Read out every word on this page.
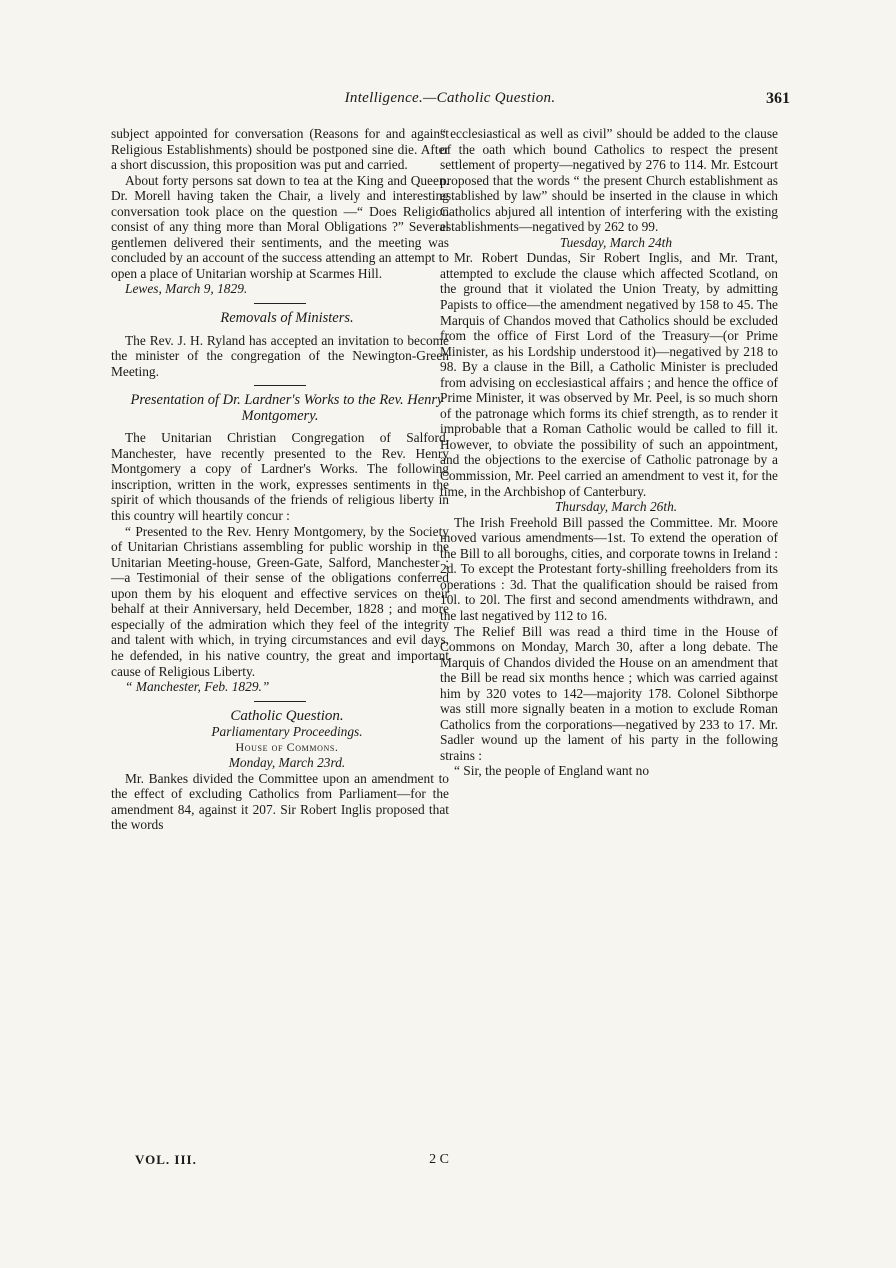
Intelligence.—Catholic Question.	361

subject appointed for conversation (Reasons for and against Religious Establishments) should be postponed sine die. After a short discussion, this proposition was put and carried.

About forty persons sat down to tea at the King and Queen. Dr. Morell having taken the Chair, a lively and interesting conversation took place on the question —“ Does Religion consist of any thing more than Moral Obligations ?” Several gentlemen delivered their sentiments, and the meeting was concluded by an account of the success attending an attempt to open a place of Unitarian worship at Scarmes Hill.

Lewes, March 9, 1829.

Removals of Ministers.

The Rev. J. H. Ryland has accepted an invitation to become the minister of the congregation of the Newington-Green Meeting.

Presentation of Dr. Lardner's Works to the Rev. Henry Montgomery.

The Unitarian Christian Congregation of Salford, Manchester, have recently presented to the Rev. Henry Montgomery a copy of Lardner's Works. The following inscription, written in the work, expresses sentiments in the spirit of which thousands of the friends of religious liberty in this country will heartily concur :

“ Presented to the Rev. Henry Montgomery, by the Society of Unitarian Christians assembling for public worship in the Unitarian Meeting-house, Green-Gate, Salford, Manchester ;—a Testimonial of their sense of the obligations conferred upon them by his eloquent and effective services on their behalf at their Anniversary, held December, 1828 ; and more especially of the admiration which they feel of the integrity and talent with which, in trying circumstances and evil days, he defended, in his native country, the great and important cause of Religious Liberty.

“ Manchester, Feb. 1829.”

Catholic Question.

Parliamentary Proceedings.

House of Commons.

Monday, March 23rd.

Mr. Bankes divided the Committee upon an amendment to the effect of excluding Catholics from Parliament—for the amendment 84, against it 207. Sir Robert Inglis proposed that the words

“ ecclesiastical as well as civil” should be added to the clause of the oath which bound Catholics to respect the present settlement of property—negatived by 276 to 114. Mr. Estcourt proposed that the words “ the present Church establishment as established by law” should be inserted in the clause in which Catholics abjured all intention of interfering with the existing establishments—negatived by 262 to 99.

Tuesday, March 24th

Mr. Robert Dundas, Sir Robert Inglis, and Mr. Trant, attempted to exclude the clause which affected Scotland, on the ground that it violated the Union Treaty, by admitting Papists to office—the amendment negatived by 158 to 45. The Marquis of Chandos moved that Catholics should be excluded from the office of First Lord of the Treasury—(or Prime Minister, as his Lordship understood it)—negatived by 218 to 98. By a clause in the Bill, a Catholic Minister is precluded from advising on ecclesiastical affairs ; and hence the office of Prime Minister, it was observed by Mr. Peel, is so much shorn of the patronage which forms its chief strength, as to render it improbable that a Roman Catholic would be called to fill it. However, to obviate the possibility of such an appointment, and the objections to the exercise of Catholic patronage by a Commission, Mr. Peel carried an amendment to vest it, for the time, in the Archbishop of Canterbury.

Thursday, March 26th.

The Irish Freehold Bill passed the Committee. Mr. Moore moved various amendments—1st. To extend the operation of the Bill to all boroughs, cities, and corporate towns in Ireland : 2d. To except the Protestant forty-shilling freeholders from its operations : 3d. That the qualification should be raised from 10l. to 20l. The first and second amendments withdrawn, and the last negatived by 112 to 16.

The Relief Bill was read a third time in the House of Commons on Monday, March 30, after a long debate. The Marquis of Chandos divided the House on an amendment that the Bill be read six months hence ; which was carried against him by 320 votes to 142—majority 178. Colonel Sibthorpe was still more signally beaten in a motion to exclude Roman Catholics from the corporations—negatived by 233 to 17. Mr. Sadler wound up the lament of his party in the following strains :

“ Sir, the people of England want no

VOL. III.	2 C
